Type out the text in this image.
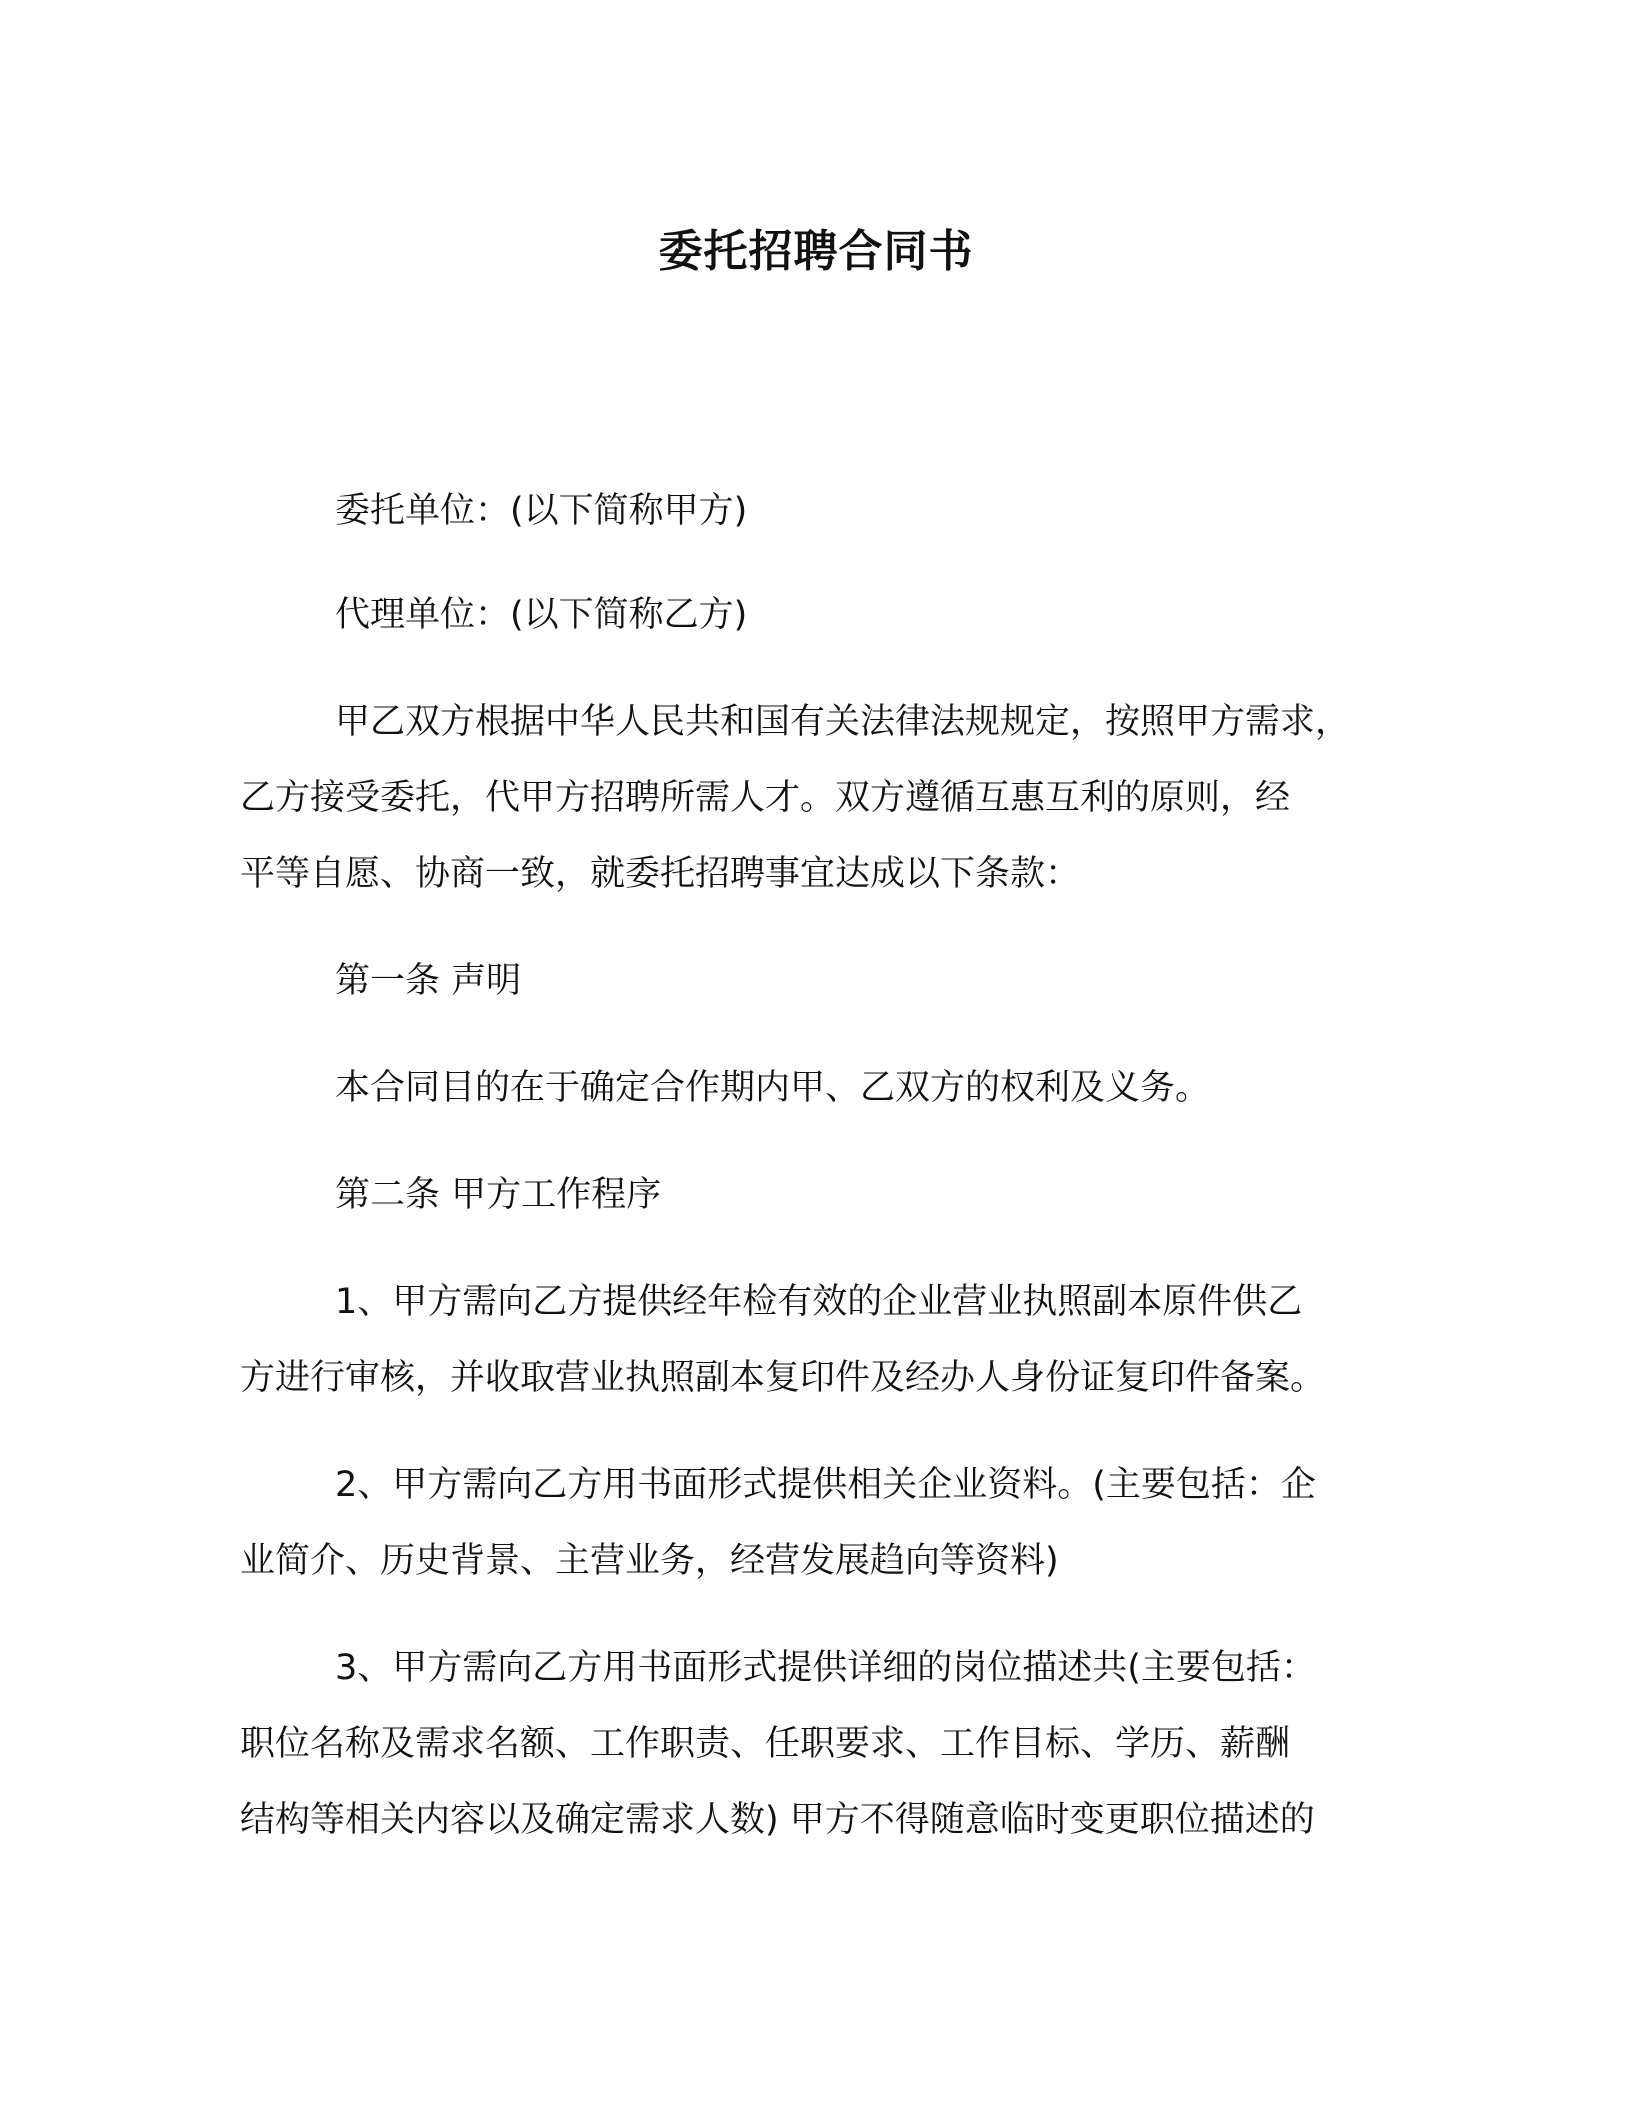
委托招聘合同书
委托单位：(以下简称甲方)
代理单位：(以下简称乙方)
甲乙双方根据中华人民共和国有关法律法规规定，按照甲方需求，
乙方接受委托，代甲方招聘所需人才。双方遵循互惠互利的原则，经
平等自愿、协商一致，就委托招聘事宜达成以下条款：
第一条 声明
本合同目的在于确定合作期内甲、乙双方的权利及义务。
第二条 甲方工作程序
1、甲方需向乙方提供经年检有效的企业营业执照副本原件供乙
方进行审核，并收取营业执照副本复印件及经办人身份证复印件备案。
2、甲方需向乙方用书面形式提供相关企业资料。(主要包括：企
业简介、历史背景、主营业务，经营发展趋向等资料)
3、甲方需向乙方用书面形式提供详细的岗位描述共(主要包括：
职位名称及需求名额、工作职责、任职要求、工作目标、学历、薪酬
结构等相关内容以及确定需求人数) 甲方不得随意临时变更职位描述的
